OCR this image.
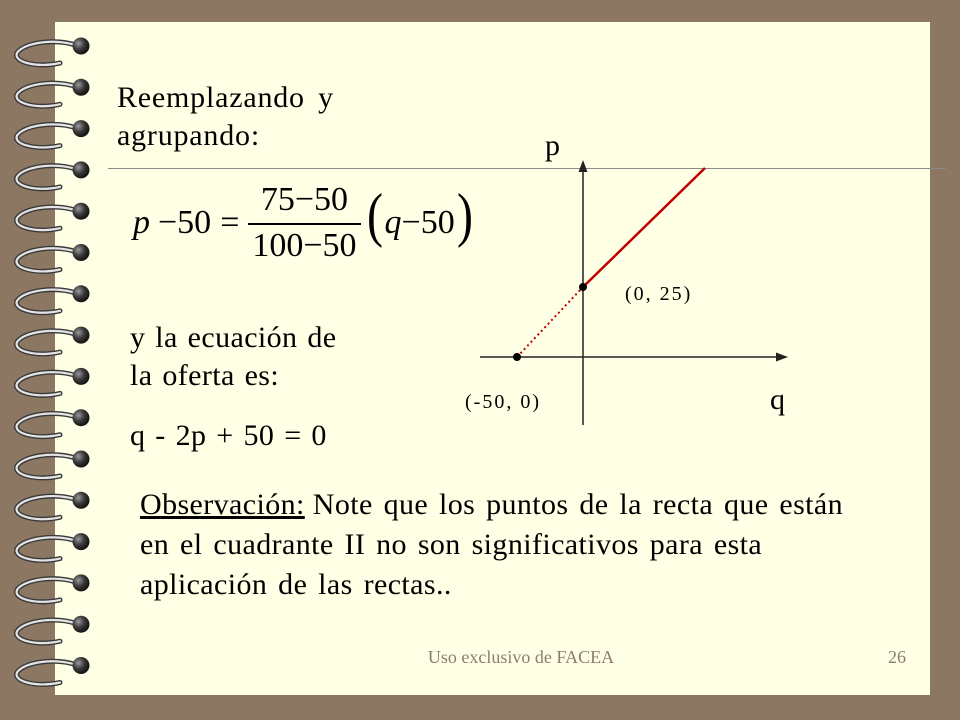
Reemplazando y
agrupando:
$p -50 = \frac{75-50}{100-50}$ ( q −50 )
p
q
(0, 25)
(-50, 0)
y la ecuación de
la oferta es:
q - 2p + 50 = 0
Observación: Note que los puntos de la recta que están
en el cuadrante II no son significativos para esta
aplicación de las rectas..
Uso exclusivo de FACEA	26
